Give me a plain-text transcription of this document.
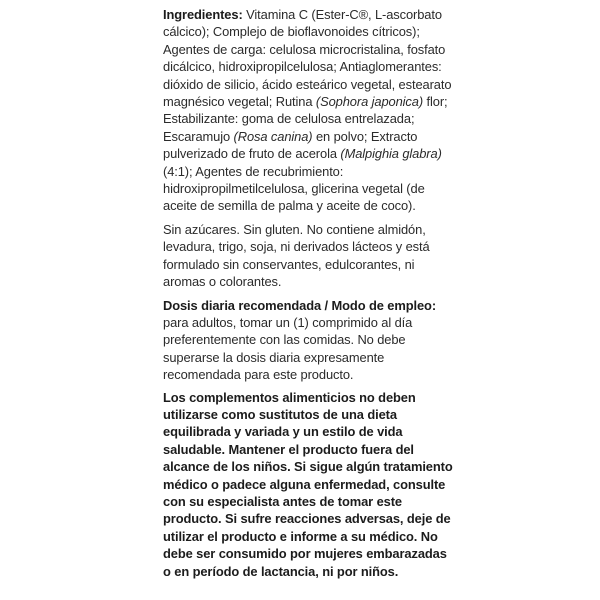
Ingredientes: Vitamina C (Ester-C®, L-ascorbato cálcico); Complejo de bioflavonoides cítricos); Agentes de carga: celulosa microcristalina, fosfato dicálcico, hidroxipropilcelulosa; Antiaglomerantes: dióxido de silicio, ácido esteárico vegetal, estearato magnésico vegetal; Rutina (Sophora japonica) flor; Estabilizante: goma de celulosa entrelazada; Escaramujo (Rosa canina) en polvo; Extracto pulverizado de fruto de acerola (Malpighia glabra) (4:1); Agentes de recubrimiento: hidroxipropilmetilcelulosa, glicerina vegetal (de aceite de semilla de palma y aceite de coco).

Sin azúcares. Sin gluten. No contiene almidón, levadura, trigo, soja, ni derivados lácteos y está formulado sin conservantes, edulcorantes, ni aromas o colorantes.

Dosis diaria recomendada / Modo de empleo: para adultos, tomar un (1) comprimido al día preferentemente con las comidas. No debe superarse la dosis diaria expresamente recomendada para este producto.

Los complementos alimenticios no deben utilizarse como sustitutos de una dieta equilibrada y variada y un estilo de vida saludable. Mantener el producto fuera del alcance de los niños. Si sigue algún tratamiento médico o padece alguna enfermedad, consulte con su especialista antes de tomar este producto. Si sufre reacciones adversas, deje de utilizar el producto e informe a su médico. No debe ser consumido por mujeres embarazadas o en período de lactancia, ni por niños.
